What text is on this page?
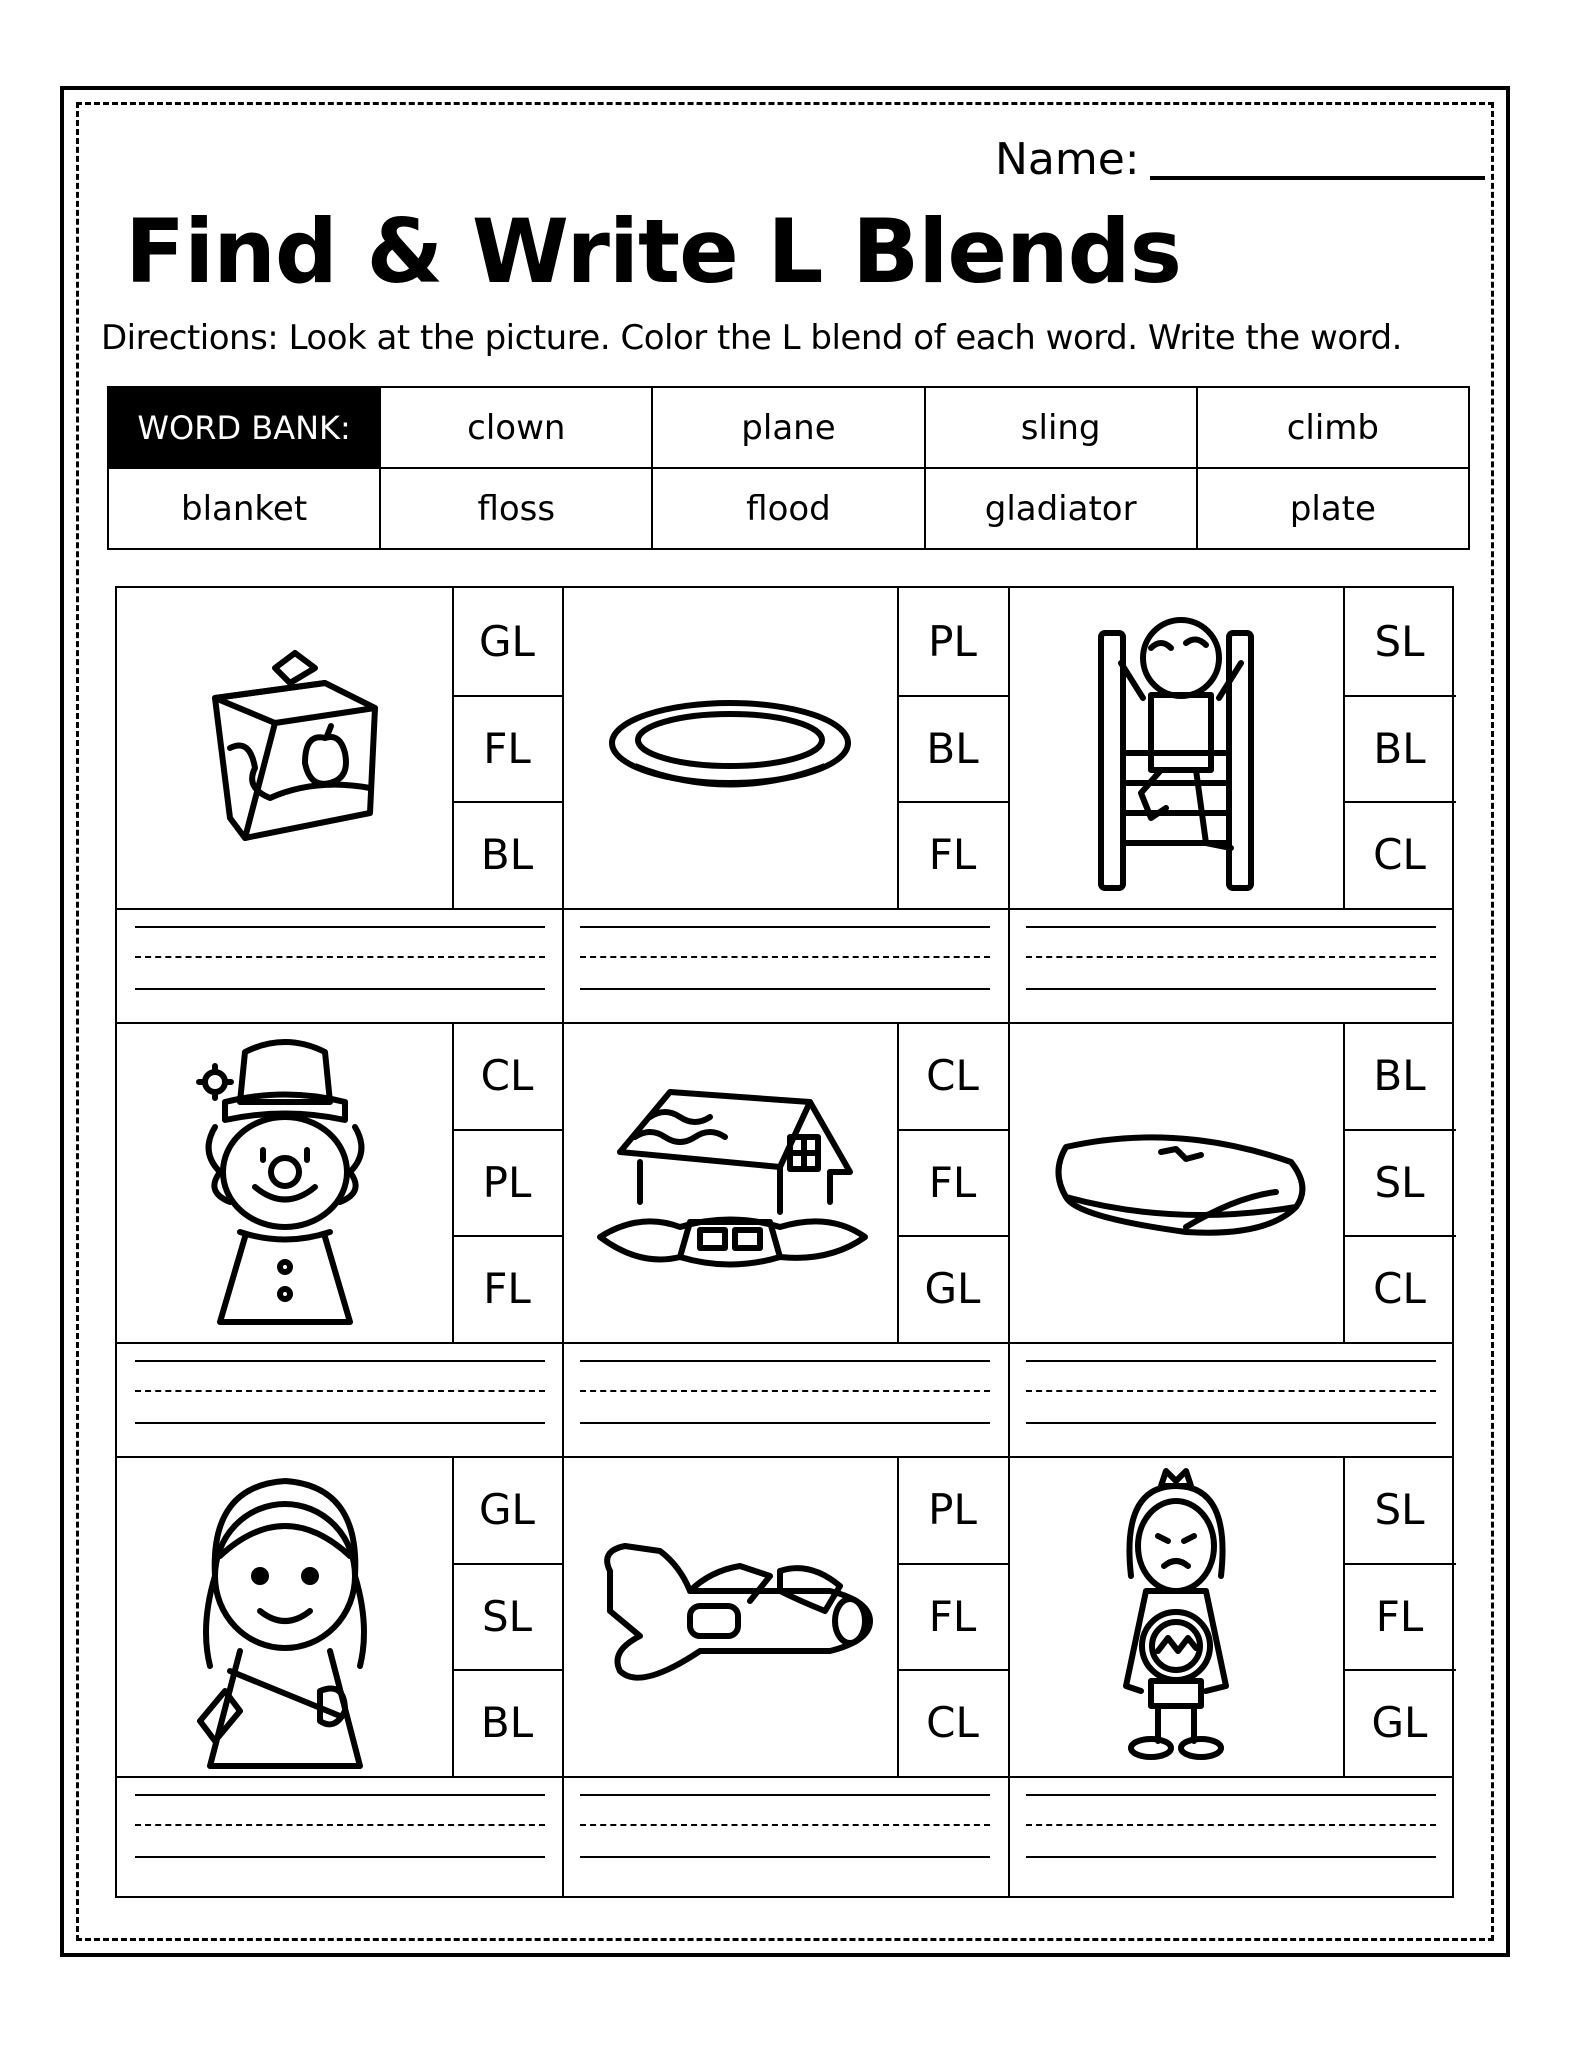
Name:
Find & Write L Blends
Directions: Look at the picture. Color the L blend of each word. Write the word.
WORD BANK:	clown	plane	sling	climb
blanket	floss	flood	gladiator	plate
GL
FL
BL
PL
BL
FL
SL
BL
CL
CL
PL
FL
CL
FL
GL
BL
SL
CL
GL
SL
BL
PL
FL
CL
SL
FL
GL
